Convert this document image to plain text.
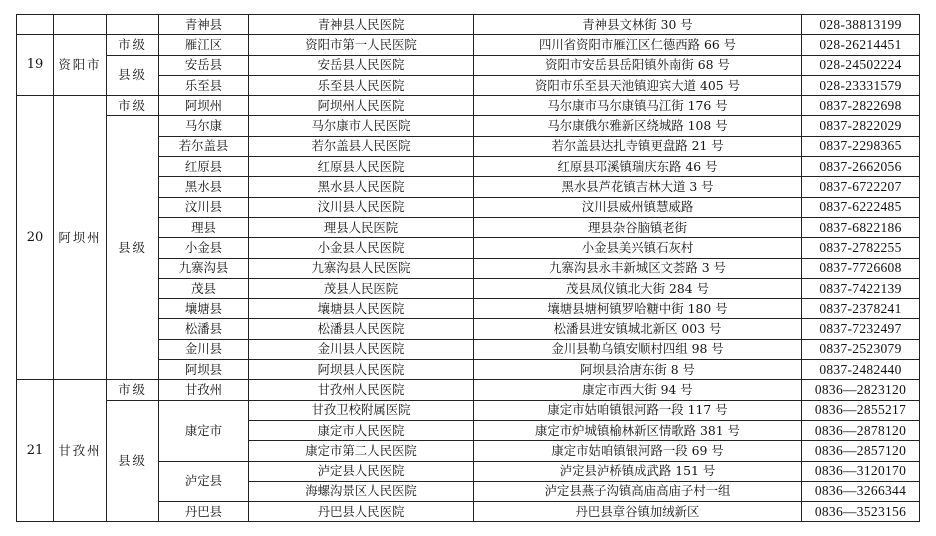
			青神县	青神县人民医院	青神县文林街 30 号	028-38813199
19	资阳市	市级	雁江区	资阳市第一人民医院	四川省资阳市雁江区仁德西路 66 号	028-26214451
		县级	安岳县	安岳县人民医院	资阳市安岳县岳阳镇外南街 68 号	028-24502224
			乐至县	乐至县人民医院	资阳市乐至县天池镇迎宾大道 405 号	028-23331579
20	阿坝州	市级	阿坝州	阿坝州人民医院	马尔康市马尔康镇马江街 176 号	0837-2822698
		县级	马尔康	马尔康市人民医院	马尔康俄尔雅新区绕城路 108 号	0837-2822029
			若尔盖县	若尔盖县人民医院	若尔盖县达扎寺镇更盘路 21 号	0837-2298365
			红原县	红原县人民医院	红原县邛溪镇瑞庆东路 46 号	0837-2662056
			黑水县	黑水县人民医院	黑水县芦花镇吉林大道 3 号	0837-6722207
			汶川县	汶川县人民医院	汶川县威州镇慧威路	0837-6222485
			理县	理县人民医院	理县杂谷脑镇老街	0837-6822186
			小金县	小金县人民医院	小金县美兴镇石灰村	0837-2782255
			九寨沟县	九寨沟县人民医院	九寨沟县永丰新城区文荟路 3 号	0837-7726608
			茂县	茂县人民医院	茂县凤仪镇北大街 284 号	0837-7422139
			壤塘县	壤塘县人民医院	壤塘县塘柯镇罗哈糖中街 180 号	0837-2378241
			松潘县	松潘县人民医院	松潘县进安镇城北新区 003 号	0837-7232497
			金川县	金川县人民医院	金川县勒乌镇安顺村四组 98 号	0837-2523079
			阿坝县	阿坝县人民医院	阿坝县洽唐东街 8 号	0837-2482440
21	甘孜州	市级	甘孜州	甘孜州人民医院	康定市西大街 94 号	0836—2823120
		县级	康定市	甘孜卫校附属医院	康定市姑咱镇银河路一段 117 号	0836—2855217
				康定市人民医院	康定市炉城镇榆林新区情歌路 381 号	0836—2878120
				康定市第二人民医院	康定市姑咱镇银河路一段 69 号	0836—2857120
			泸定县	泸定县人民医院	泸定县泸桥镇成武路 151 号	0836—3120170
				海螺沟景区人民医院	泸定县燕子沟镇高庙高庙子村一组	0836—3266344
			丹巴县	丹巴县人民医院	丹巴县章谷镇加绒新区	0836—3523156
